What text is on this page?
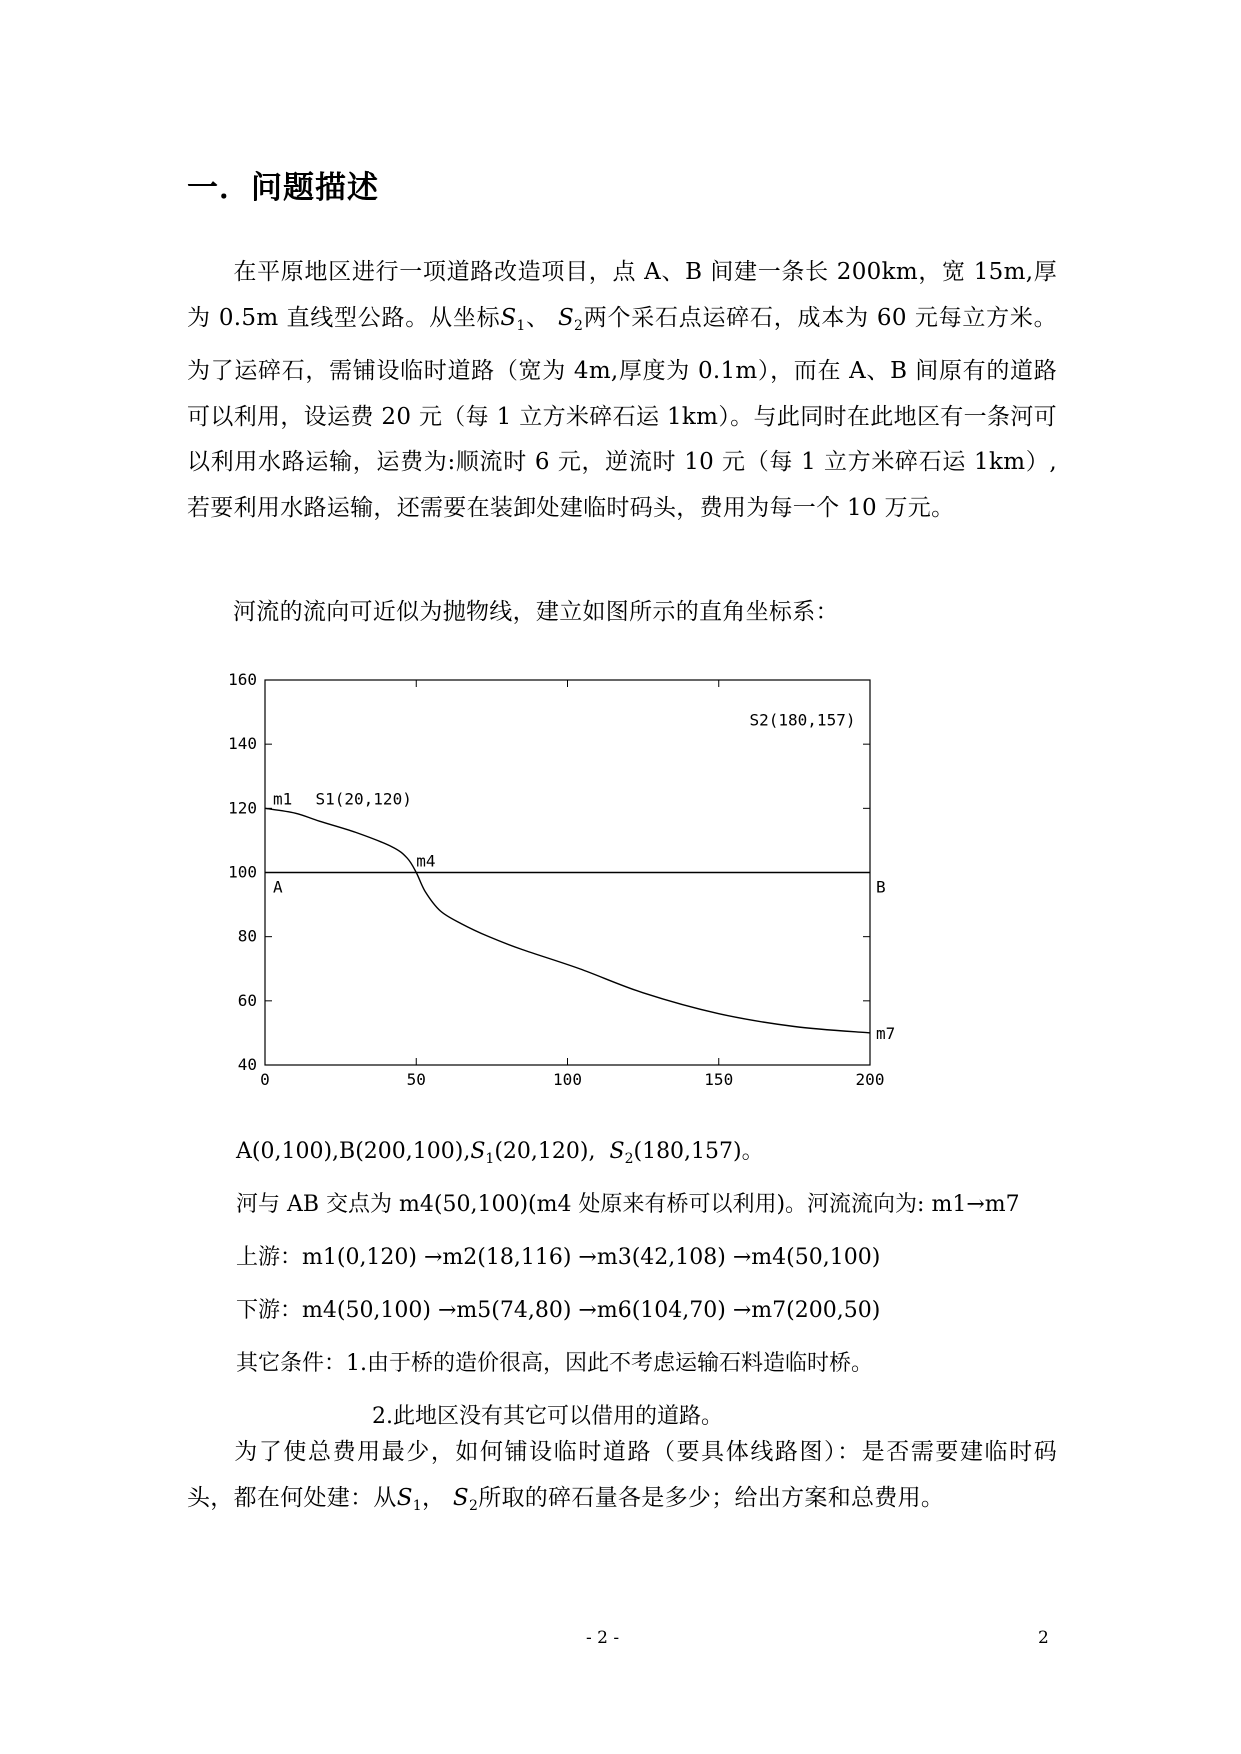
一．问题描述
在平原地区进行一项道路改造项目，点 A、B 间建一条长 200km，宽 15m,厚为 0.5m 直线型公路。从坐标$S_1$、 $S_2$两个采石点运碎石，成本为 60 元每立方米。为了运碎石，需铺设临时道路（宽为 4m,厚度为 0.1m），而在 A、B 间原有的道路可以利用，设运费 20 元（每 1 立方米碎石运 1km）。与此同时在此地区有一条河可以利用水路运输，运费为:顺流时 6 元，逆流时 10 元（每 1 立方米碎石运 1km）,若要利用水路运输，还需要在装卸处建临时码头，费用为每一个 10 万元。
河流的流向可近似为抛物线，建立如图所示的直角坐标系：
40
60
80
100
120
140
160
0	50	100	150	200
S2(180,157)
m1 S1(20,120)
m4
A	B
m7
$A(0,100),B(200,100),S_1(20,120)$, $S_2(180,157)$。
河与 AB 交点为 m4(50,100)(m4 处原来有桥可以利用)。河流流向为: m1→m7
上游：m1(0,120) →m2(18,116) →m3(42,108) →m4(50,100)
下游：m4(50,100) →m5(74,80) →m6(104,70) →m7(200,50)
其它条件：1.由于桥的造价很高，因此不考虑运输石料造临时桥。
2.此地区没有其它可以借用的道路。
为了使总费用最少，如何铺设临时道路（要具体线路图）：是否需要建临时码头，都在何处建：从$S_1$， $S_2$所取的碎石量各是多少；给出方案和总费用。
- 2 -	2
